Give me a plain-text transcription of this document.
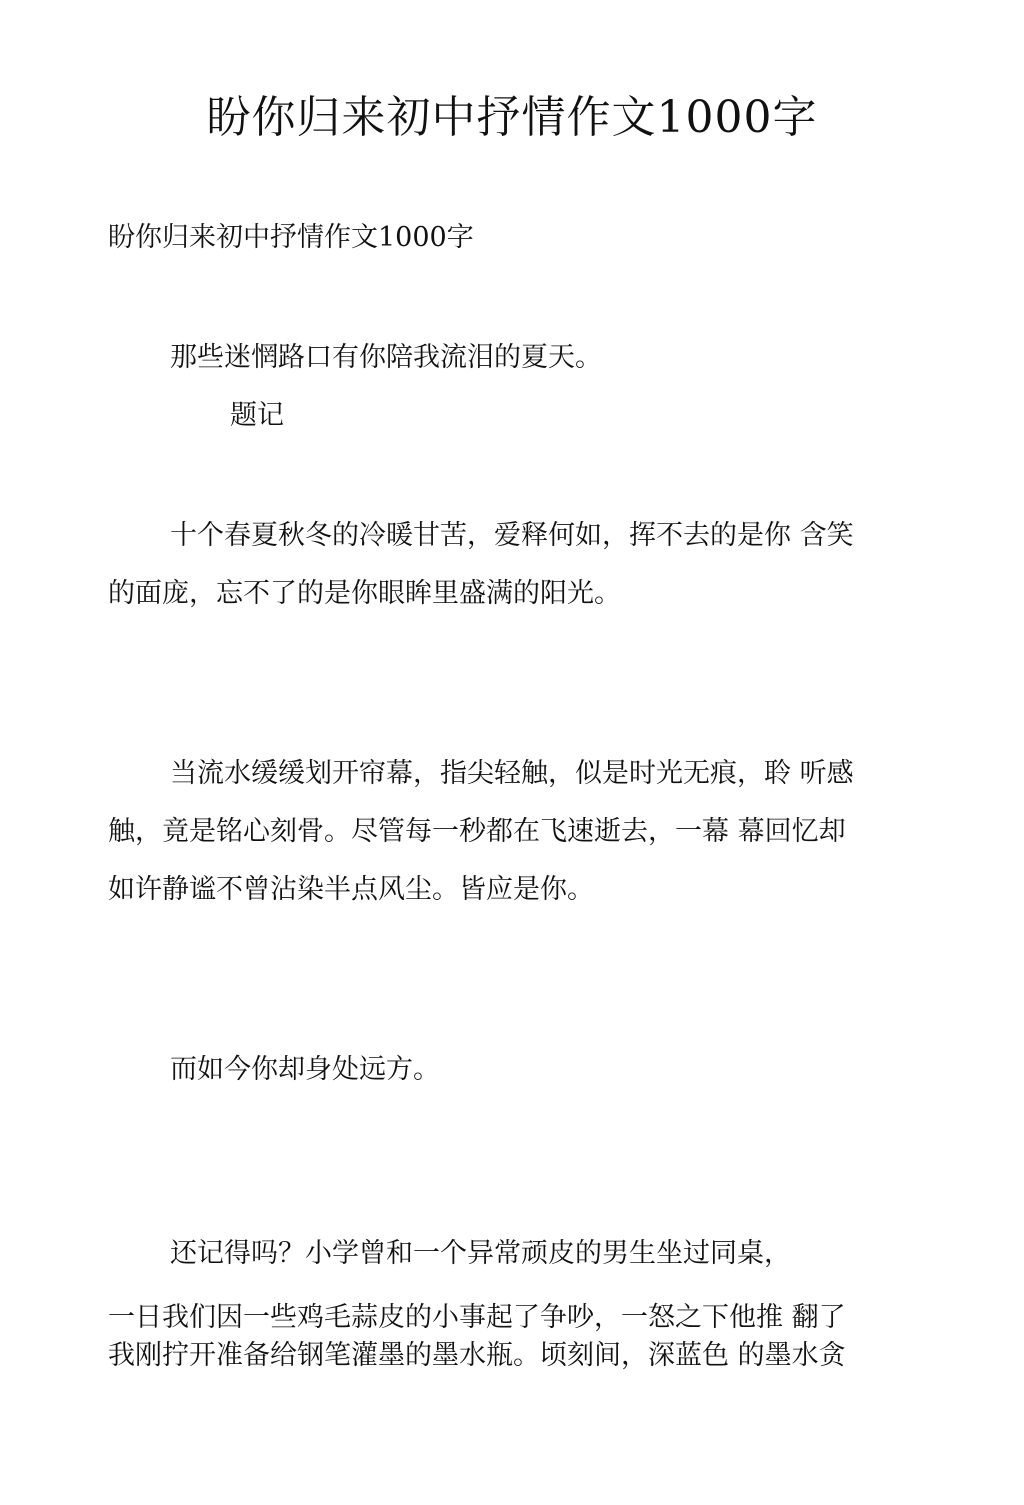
盼你归来初中抒情作文1000字
盼你归来初中抒情作文1000字
那些迷惘路口有你陪我流泪的夏天。
题记
十个春夏秋冬的冷暖甘苦，爱释何如，挥不去的是你 含笑
的面庞，忘不了的是你眼眸里盛满的阳光。
当流水缓缓划开帘幕，指尖轻触，似是时光无痕，聆 听感
触，竟是铭心刻骨。尽管每一秒都在飞速逝去，一幕 幕回忆却
如许静谧不曾沾染半点风尘。皆应是你。
而如今你却身处远方。
还记得吗？小学曾和一个异常顽皮的男生坐过同桌，
一日我们因一些鸡毛蒜皮的小事起了争吵，一怒之下他推 翻了
我刚拧开准备给钢笔灌墨的墨水瓶。顷刻间，深蓝色 的墨水贪
